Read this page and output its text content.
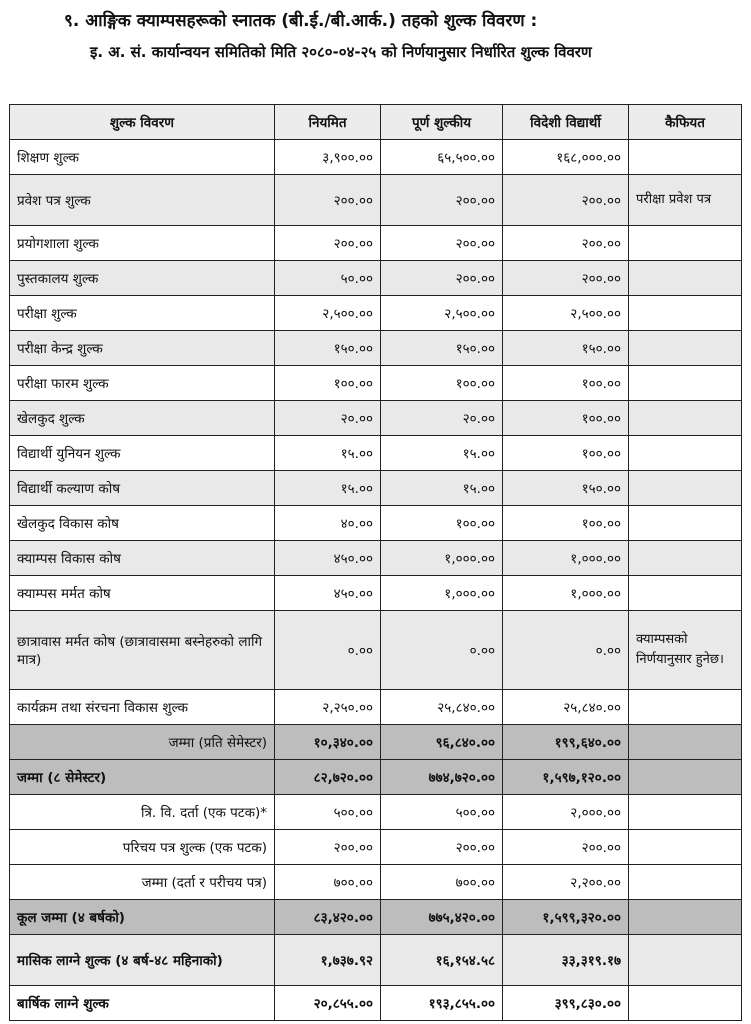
९. आङ्गिक क्याम्पसहरूको स्नातक (बी.ई./बी.आर्क.) तहको शुल्क विवरण :
इ. अ. सं. कार्यान्वयन समितिको मिति २०८०-०४-२५ को निर्णयानुसार निर्धारित शुल्क विवरण
शुल्क विवरण	नियमित	पूर्ण शुल्कीय	विदेशी विद्यार्थी	कैफियत
शिक्षण शुल्क	३,९००.००	६५,५००.००	१६८,०००.००	
प्रवेश पत्र शुल्क	२००.००	२००.००	२००.००	परीक्षा प्रवेश पत्र
प्रयोगशाला शुल्क	२००.००	२००.००	२००.००	
पुस्तकालय शुल्क	५०.००	२००.००	२००.००	
परीक्षा शुल्क	२,५००.००	२,५००.००	२,५००.००	
परीक्षा केन्द्र शुल्क	१५०.००	१५०.००	१५०.००	
परीक्षा फारम शुल्क	१००.००	१००.००	१००.००	
खेलकुद शुल्क	२०.००	२०.००	१००.००	
विद्यार्थी युनियन शुल्क	१५.००	१५.००	१००.००	
विद्यार्थी कल्याण कोष	१५.००	१५.००	१५०.००	
खेलकुद विकास कोष	४०.००	१००.००	१००.००	
क्याम्पस विकास कोष	४५०.००	१,०००.००	१,०००.००	
क्याम्पस मर्मत कोष	४५०.००	१,०००.००	१,०००.००	
छात्रावास मर्मत कोष (छात्रावासमा बस्नेहरुको लागि मात्र)	०.००	०.००	०.००	क्याम्पसको निर्णयानुसार हुनेछ।
कार्यक्रम तथा संरचना विकास शुल्क	२,२५०.००	२५,८४०.००	२५,८४०.००	
जम्मा (प्रति सेमेस्टर)	१०,३४०.००	९६,८४०.००	१९९,६४०.००	
जम्मा (८ सेमेस्टर)	८२,७२०.००	७७४,७२०.००	१,५९७,१२०.००	
त्रि. वि. दर्ता (एक पटक)*	५००.००	५००.००	२,०००.००	
परिचय पत्र शुल्क (एक पटक)	२००.००	२००.००	२००.००	
जम्मा (दर्ता र परीचय पत्र)	७००.००	७००.००	२,२००.००	
कूल जम्मा (४ बर्षको)	८३,४२०.००	७७५,४२०.००	१,५९९,३२०.००	
मासिक लाग्ने शुल्क (४ बर्ष-४८ महिनाको)	१,७३७.९२	१६,१५४.५८	३३,३१९.१७	
बार्षिक लाग्ने शुल्क	२०,८५५.००	१९३,८५५.००	३९९,८३०.००	
